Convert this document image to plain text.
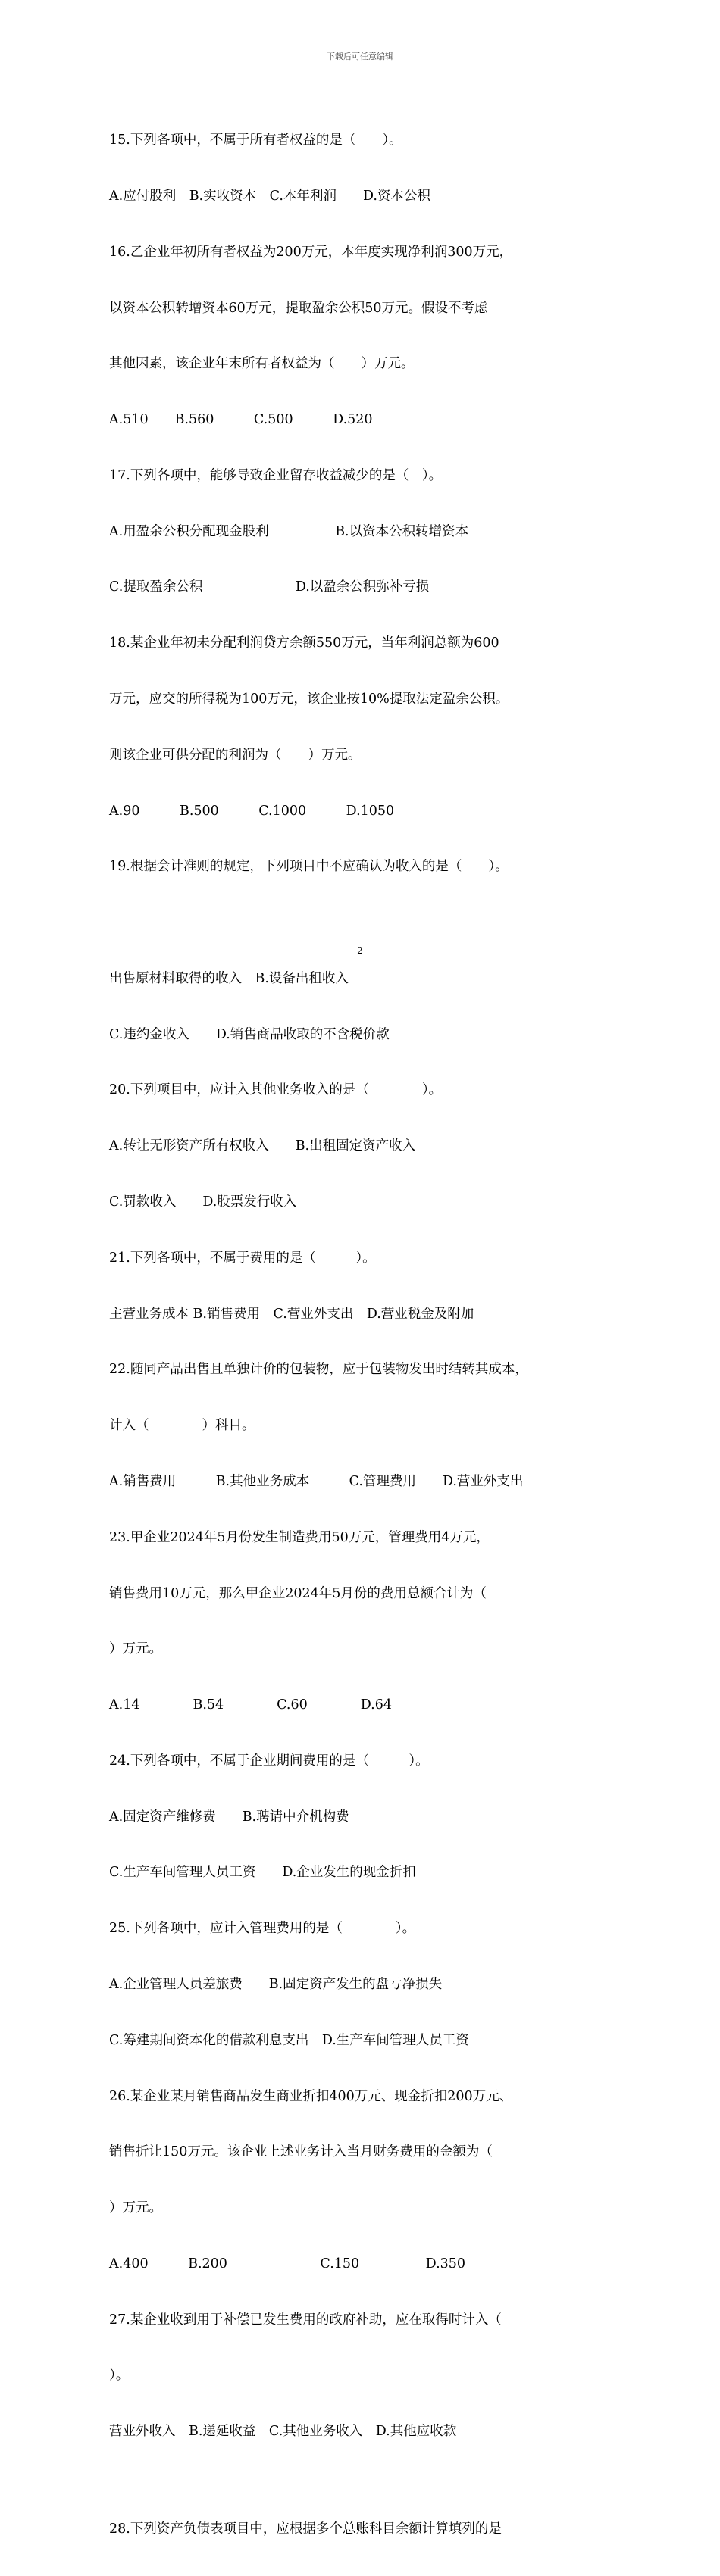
下载后可任意编辑

15.下列各项中，不属于所有者权益的是（　　）。

A.应付股利　B.实收资本　C.本年利润　　D.资本公积

16.乙企业年初所有者权益为200万元，本年度实现净利润300万元，

以资本公积转增资本60万元，提取盈余公积50万元。假设不考虑

其他因素，该企业年末所有者权益为（　　）万元。

A.510　　B.560　　　C.500　　　D.520

17.下列各项中，能够导致企业留存收益减少的是（　）。

A.用盈余公积分配现金股利　　　　　B.以资本公积转增资本

C.提取盈余公积　　　　　　　D.以盈余公积弥补亏损

18.某企业年初未分配利润贷方余额550万元，当年利润总额为600

万元，应交的所得税为100万元，该企业按10%提取法定盈余公积。

则该企业可供分配的利润为（　　）万元。

A.90　　　B.500　　　C.1000　　　D.1050

19.根据会计准则的规定，下列项目中不应确认为收入的是（　　）。

出售原材料取得的收入　B.设备出租收入

C.违约金收入　　D.销售商品收取的不含税价款

20.下列项目中，应计入其他业务收入的是（　　　　）。

A.转让无形资产所有权收入　　B.出租固定资产收入

C.罚款收入　　D.股票发行收入

21.下列各项中，不属于费用的是（　　　）。

主营业务成本 B.销售费用　C.营业外支出　D.营业税金及附加

22.随同产品出售且单独计价的包装物，应于包装物发出时结转其成本，

计入（　　　　）科目。

A.销售费用　　　B.其他业务成本　　　C.管理费用　　D.营业外支出

23.甲企业2024年5月份发生制造费用50万元，管理费用4万元，

销售费用10万元，那么甲企业2024年5月份的费用总额合计为（

）万元。

A.14　　　　B.54　　　　C.60　　　　D.64

24.下列各项中，不属于企业期间费用的是（　　　）。

A.固定资产维修费　　B.聘请中介机构费

C.生产车间管理人员工资　　D.企业发生的现金折扣

25.下列各项中，应计入管理费用的是（　　　　）。

A.企业管理人员差旅费　　B.固定资产发生的盘亏净损失

C.筹建期间资本化的借款利息支出　D.生产车间管理人员工资

26.某企业某月销售商品发生商业折扣400万元、现金折扣200万元、

销售折让150万元。该企业上述业务计入当月财务费用的金额为（

）万元。

A.400　　　B.200　　　　　　　C.150　　　　　D.350

27.某企业收到用于补偿已发生费用的政府补助，应在取得时计入（

）。

营业外收入　B.递延收益　C.其他业务收入　D.其他应收款

28.下列资产负债表项目中，应根据多个总账科目余额计算填列的是

2
